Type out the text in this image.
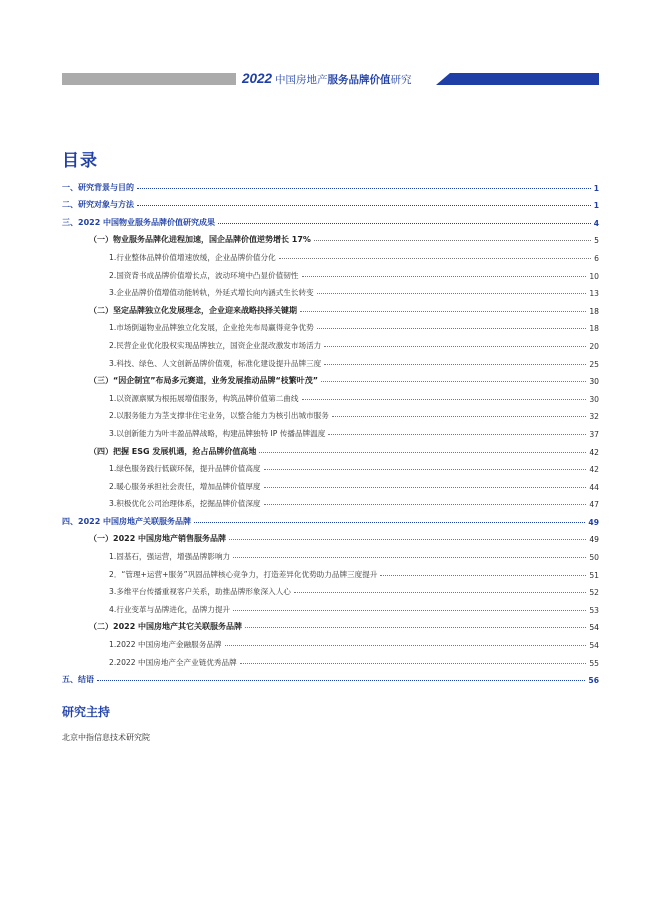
2022 中国房地产 服务品牌价值 研究
目录
一、研究背景与目的	1
二、研究对象与方法	1
三、2022 中国物业服务品牌价值研究成果	4
（一）物业服务品牌化进程加速，国企品牌价值逆势增长 17%	5
1.行业整体品牌价值增速放缓，企业品牌价值分化	6
2.国资背书成品牌价值增长点，波动环境中凸显价值韧性	10
3.企业品牌价值增值动能转轨，外延式增长向内涵式生长转变	13
（二）坚定品牌独立化发展理念，企业迎来战略抉择关键期	18
1.市场倒逼物业品牌独立化发展，企业抢先布局赢得竞争优势	18
2.民营企业优化股权实现品牌独立，国资企业混改激发市场活力	20
3.科技、绿色、人文创新品牌价值观，标准化建设提升品牌三度	25
（三）“因企制宜”布局多元赛道，业务发展推动品牌“枝繁叶茂”	30
1.以资源禀赋为根拓展增值服务，构筑品牌价值第二曲线	30
2.以服务能力为茎支撑非住宅业务，以整合能力为核引出城市服务	32
3.以创新能力为叶丰盈品牌战略，构建品牌独特 IP 传播品牌温度	37
（四）把握 ESG 发展机遇，抢占品牌价值高地	42
1.绿色服务践行低碳环保，提升品牌价值高度	42
2.暖心服务承担社会责任，增加品牌价值厚度	44
3.积极优化公司治理体系，挖掘品牌价值深度	47
四、2022 中国房地产关联服务品牌	49
（一）2022 中国房地产销售服务品牌	49
1.固基石，强运营，增强品牌影响力	50
2．“管理+运营+服务”巩固品牌核心竞争力，打造差异化优势助力品牌三度提升	51
3.多维平台传播重视客户关系，助推品牌形象深入人心	52
4.行业变革与品牌进化，品牌力提升	53
（二）2022 中国房地产其它关联服务品牌	54
1.2022 中国房地产金融服务品牌	54
2.2022 中国房地产全产业链优秀品牌	55
五、结语	56
研究主持
北京中指信息技术研究院
